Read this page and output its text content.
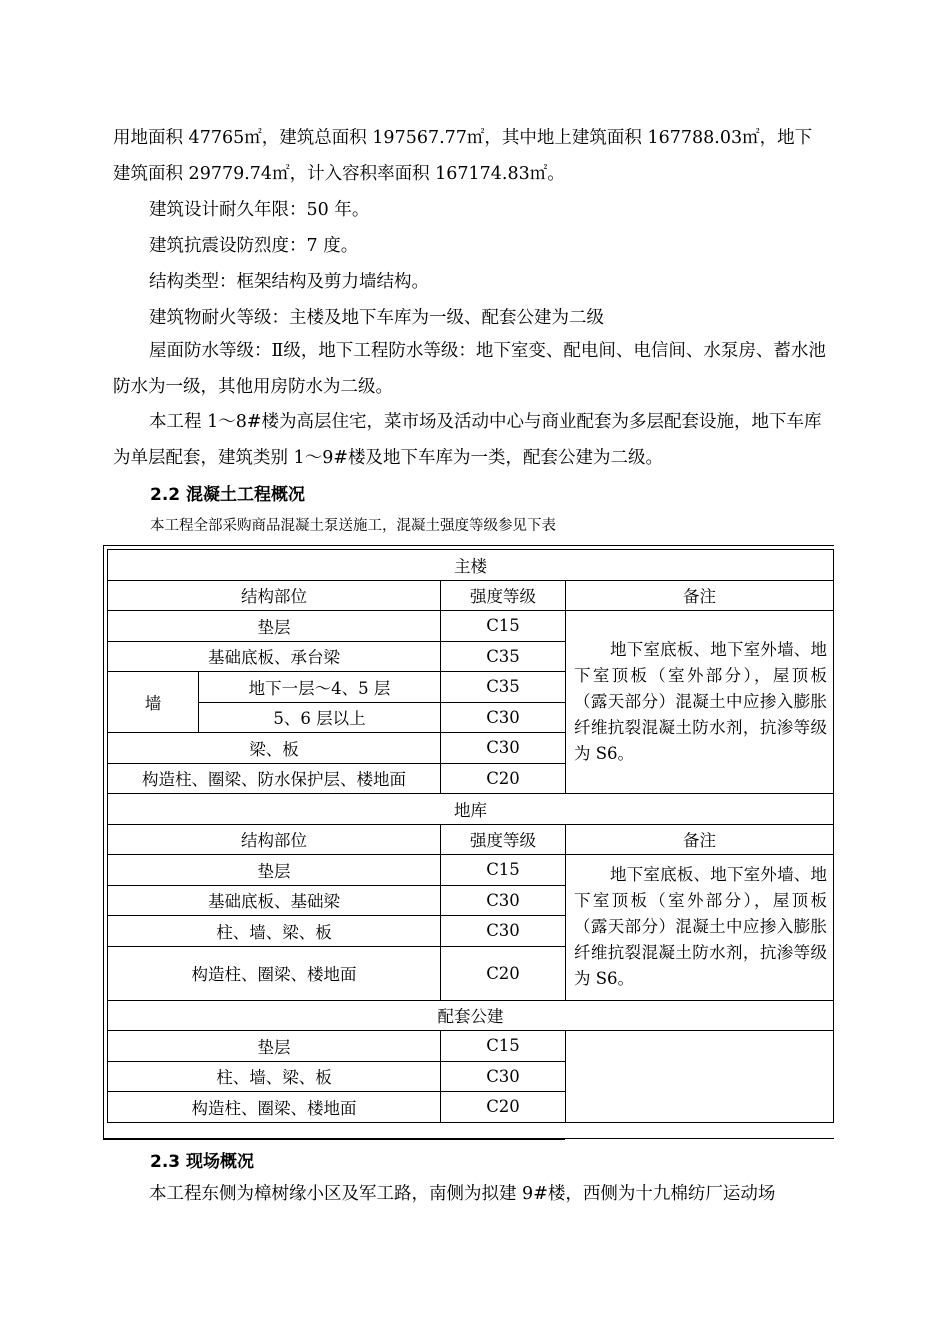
用地面积 47765㎡，建筑总面积 197567.77㎡，其中地上建筑面积 167788.03㎡，地下

建筑面积 29779.74㎡，计入容积率面积 167174.83㎡。

建筑设计耐久年限：50 年。

建筑抗震设防烈度：7 度。

结构类型：框架结构及剪力墙结构。

建筑物耐火等级：主楼及地下车库为一级、配套公建为二级

屋面防水等级：Ⅱ级，地下工程防水等级：地下室变、配电间、电信间、水泵房、蓄水池防水为一级，其他用房防水为二级。

本工程 1～8#楼为高层住宅，菜市场及活动中心与商业配套为多层配套设施，地下车库为单层配套，建筑类别 1～9#楼及地下车库为一类，配套公建为二级。

2.2 混凝土工程概况

本工程全部采购商品混凝土泵送施工，混凝土强度等级参见下表

主楼			
结构部位		强度等级	备注
垫层		C15	地下室底板、地下室外墙、地下室顶板（室外部分），屋顶板（露天部分）混凝土中应掺入膨胀纤维抗裂混凝土防水剂，抗渗等级为 S6。

基础底板、承台梁		C35	
墙	地下一层～4、5 层	C35	
	5、6 层以上	C30	
梁、板		C30	
构造柱、圈梁、防水保护层、楼地面		C20	
地库			
结构部位		强度等级	备注
垫层		C15	地下室底板、地下室外墙、地下室顶板（室外部分），屋顶板（露天部分）混凝土中应掺入膨胀纤维抗裂混凝土防水剂，抗渗等级为 S6。

基础底板、基础梁		C30	
柱、墙、梁、板		C30	
构造柱、圈梁、楼地面		C20	
配套公建			
垫层		C15	
柱、墙、梁、板		C30	
构造柱、圈梁、楼地面		C20	

2.3 现场概况

本工程东侧为樟树缘小区及军工路，南侧为拟建 9#楼，西侧为十九棉纺厂运动场
